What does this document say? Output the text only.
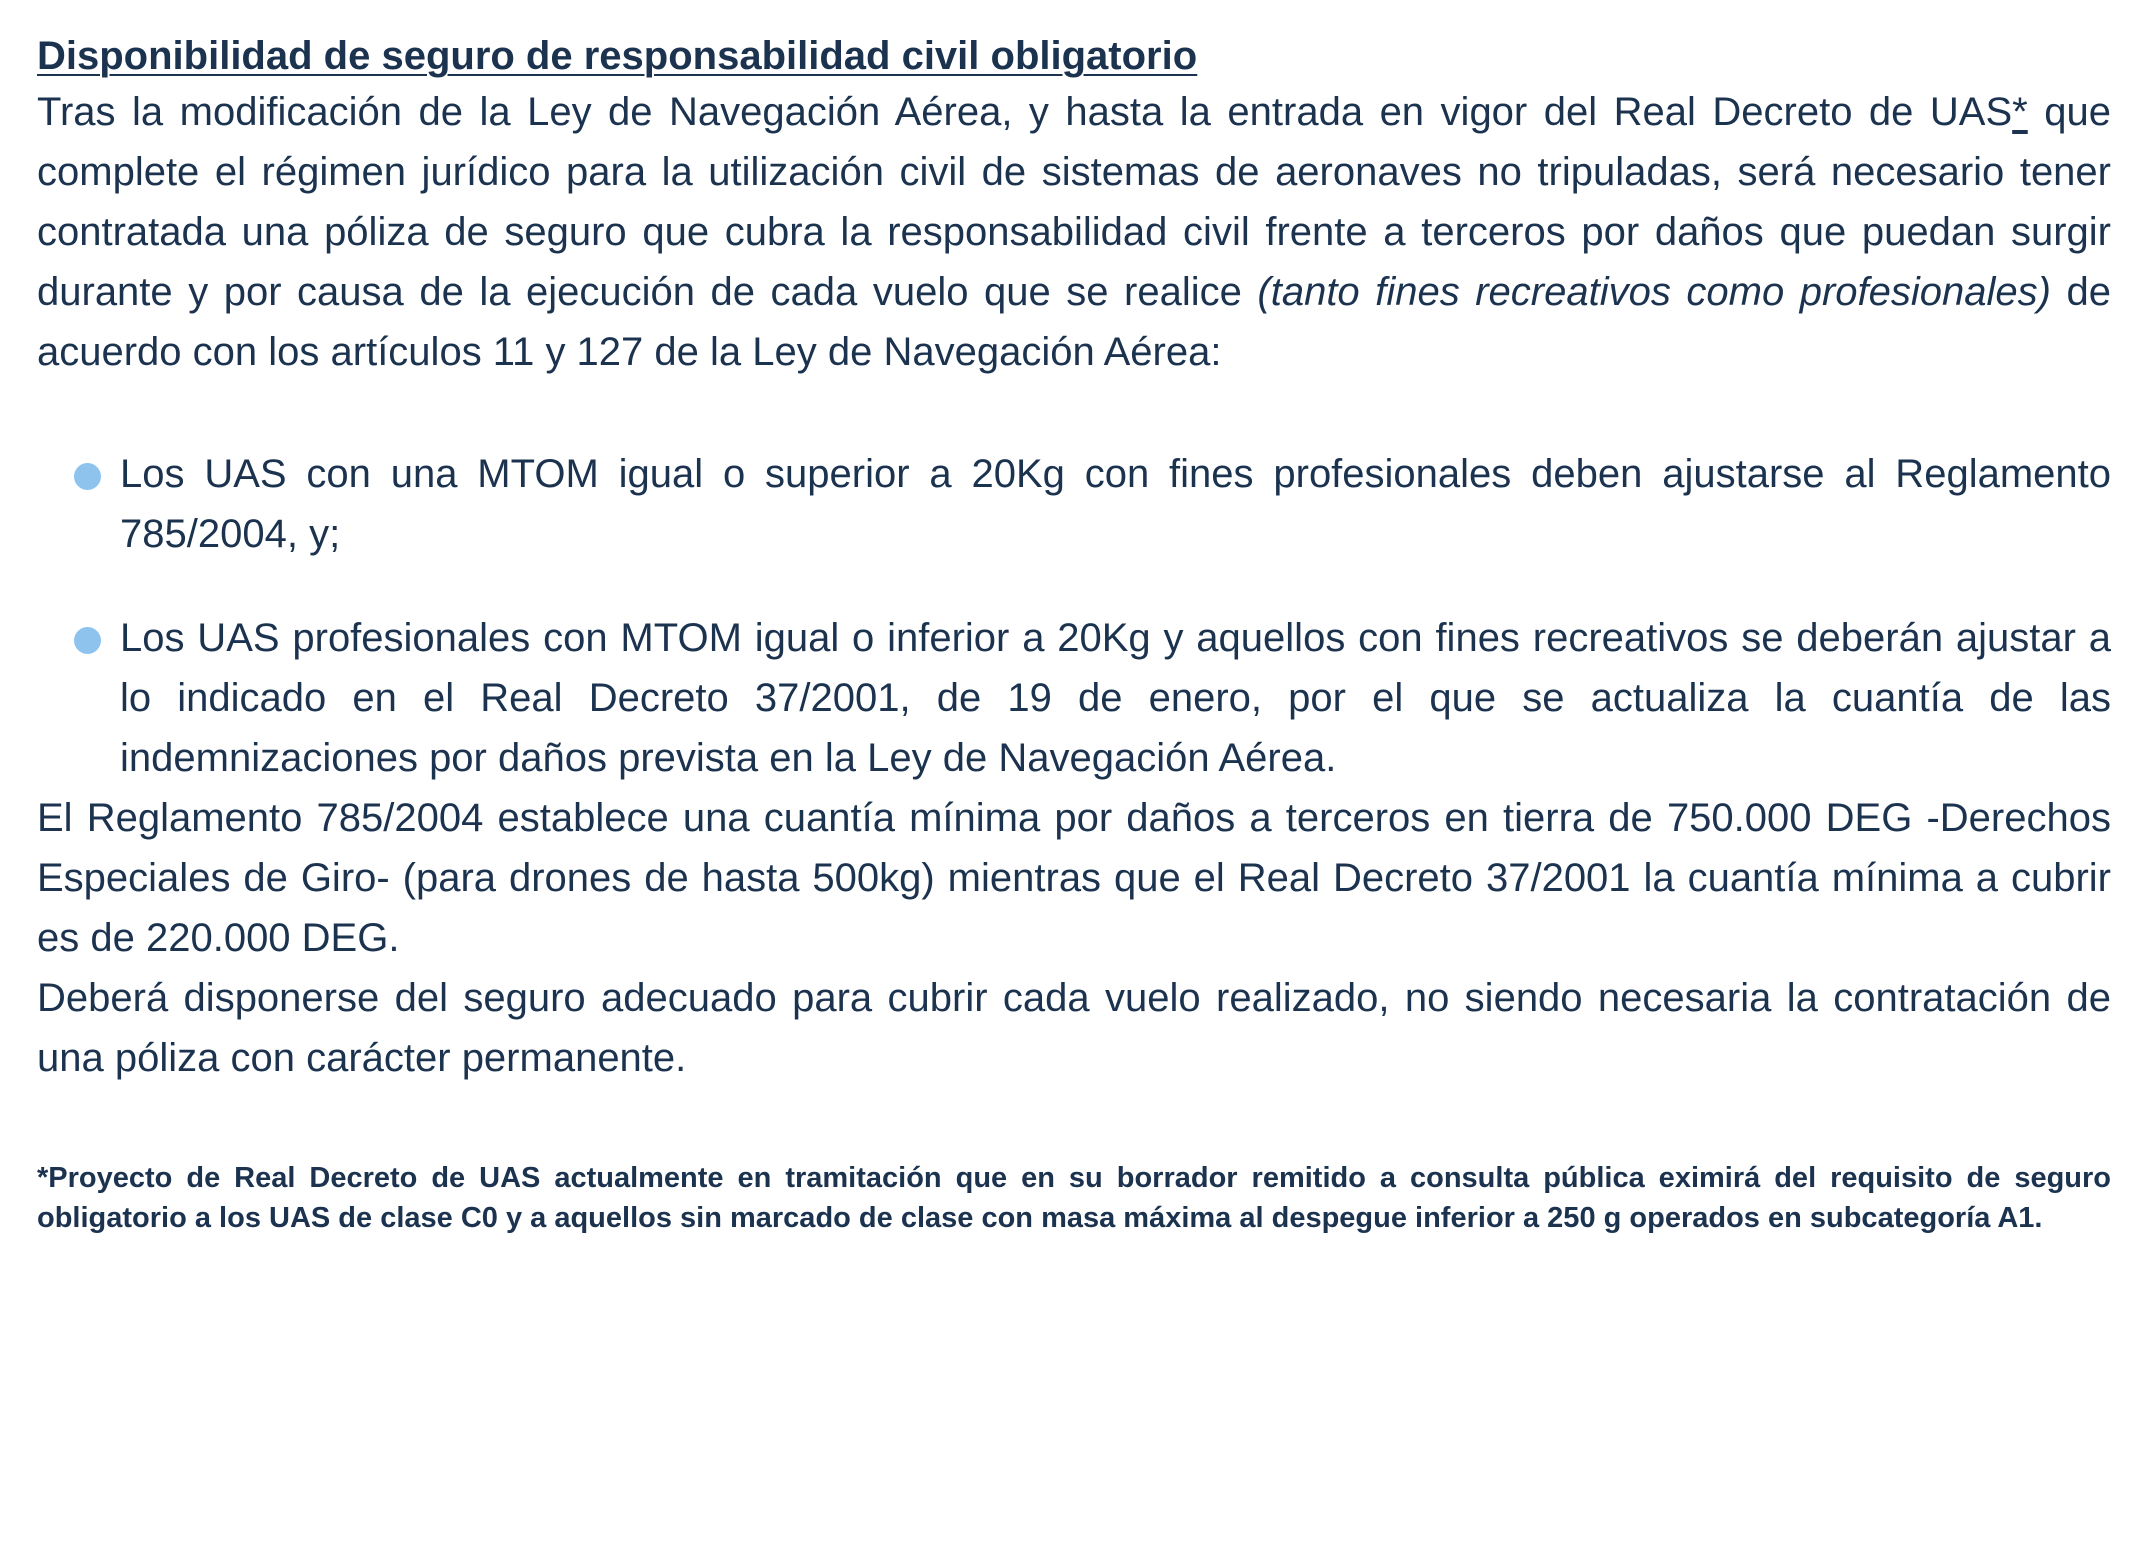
Disponibilidad de seguro de responsabilidad civil obligatorio

Tras la modificación de la Ley de Navegación Aérea, y hasta la entrada en vigor del Real Decreto de UAS* que complete el régimen jurídico para la utilización civil de sistemas de aeronaves no tripuladas, será necesario tener contratada una póliza de seguro que cubra la responsabilidad civil frente a terceros por daños que puedan surgir durante y por causa de la ejecución de cada vuelo que se realice (tanto fines recreativos como profesionales) de acuerdo con los artículos 11 y 127 de la Ley de Navegación Aérea:

Los UAS con una MTOM igual o superior a 20Kg con fines profesionales deben ajustarse al Reglamento 785/2004, y;
Los UAS profesionales con MTOM igual o inferior a 20Kg y aquellos con fines recreativos se deberán ajustar a lo indicado en el Real Decreto 37/2001, de 19 de enero, por el que se actualiza la cuantía de las indemnizaciones por daños prevista en la Ley de Navegación Aérea.

El Reglamento 785/2004 establece una cuantía mínima por daños a terceros en tierra de 750.000 DEG -Derechos Especiales de Giro- (para drones de hasta 500kg) mientras que el Real Decreto 37/2001 la cuantía mínima a cubrir es de 220.000 DEG.

Deberá disponerse del seguro adecuado para cubrir cada vuelo realizado, no siendo necesaria la contratación de una póliza con carácter permanente.

*Proyecto de Real Decreto de UAS actualmente en tramitación que en su borrador remitido a consulta pública eximirá del requisito de seguro obligatorio a los UAS de clase C0 y a aquellos sin marcado de clase con masa máxima al despegue inferior a 250 g operados en subcategoría A1.
